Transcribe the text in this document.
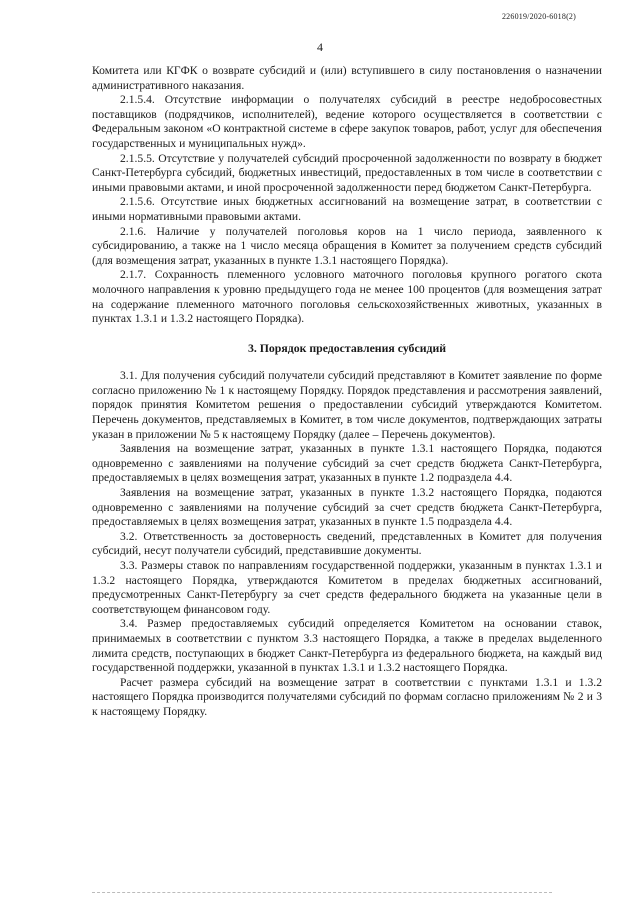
226019/2020-6018(2)
4

Комитета или КГФК о возврате субсидий и (или) вступившего в силу постановления о назначении административного наказания.

2.1.5.4. Отсутствие информации о получателях субсидий в реестре недобросовестных поставщиков (подрядчиков, исполнителей), ведение которого осуществляется в соответствии с Федеральным законом «О контрактной системе в сфере закупок товаров, работ, услуг для обеспечения государственных и муниципальных нужд».

2.1.5.5. Отсутствие у получателей субсидий просроченной задолженности по возврату в бюджет Санкт-Петербурга субсидий, бюджетных инвестиций, предоставленных в том числе в соответствии с иными правовыми актами, и иной просроченной задолженности перед бюджетом Санкт-Петербурга.

2.1.5.6. Отсутствие иных бюджетных ассигнований на возмещение затрат, в соответствии с иными нормативными правовыми актами.

2.1.6. Наличие у получателей поголовья коров на 1 число периода, заявленного к субсидированию, а также на 1 число месяца обращения в Комитет за получением средств субсидий (для возмещения затрат, указанных в пункте 1.3.1 настоящего Порядка).

2.1.7. Сохранность племенного условного маточного поголовья крупного рогатого скота молочного направления к уровню предыдущего года не менее 100 процентов (для возмещения затрат на содержание племенного маточного поголовья сельскохозяйственных животных, указанных в пунктах 1.3.1 и 1.3.2 настоящего Порядка).

3. Порядок предоставления субсидий

3.1. Для получения субсидий получатели субсидий представляют в Комитет заявление по форме согласно приложению № 1 к настоящему Порядку. Порядок представления и рассмотрения заявлений, порядок принятия Комитетом решения о предоставлении субсидий утверждаются Комитетом. Перечень документов, представляемых в Комитет, в том числе документов, подтверждающих затраты указан в приложении № 5 к настоящему Порядку (далее – Перечень документов).

Заявления на возмещение затрат, указанных в пункте 1.3.1 настоящего Порядка, подаются одновременно с заявлениями на получение субсидий за счет средств бюджета Санкт-Петербурга, предоставляемых в целях возмещения затрат, указанных в пункте 1.2 подраздела 4.4.

Заявления на возмещение затрат, указанных в пункте 1.3.2 настоящего Порядка, подаются одновременно с заявлениями на получение субсидий за счет средств бюджета Санкт-Петербурга, предоставляемых в целях возмещения затрат, указанных в пункте 1.5 подраздела 4.4.

3.2. Ответственность за достоверность сведений, представленных в Комитет для получения субсидий, несут получатели субсидий, представившие документы.

3.3. Размеры ставок по направлениям государственной поддержки, указанным в пунктах 1.3.1 и 1.3.2 настоящего Порядка, утверждаются Комитетом в пределах бюджетных ассигнований, предусмотренных Санкт-Петербургу за счет средств федерального бюджета на указанные цели в соответствующем финансовом году.

3.4. Размер предоставляемых субсидий определяется Комитетом на основании ставок, принимаемых в соответствии с пунктом 3.3 настоящего Порядка, а также в пределах выделенного лимита средств, поступающих в бюджет Санкт-Петербурга из федерального бюджета, на каждый вид государственной поддержки, указанной в пунктах 1.3.1 и 1.3.2 настоящего Порядка.

Расчет размера субсидий на возмещение затрат в соответствии с пунктами 1.3.1 и 1.3.2 настоящего Порядка производится получателями субсидий по формам согласно приложениям № 2 и 3 к настоящему Порядку.
